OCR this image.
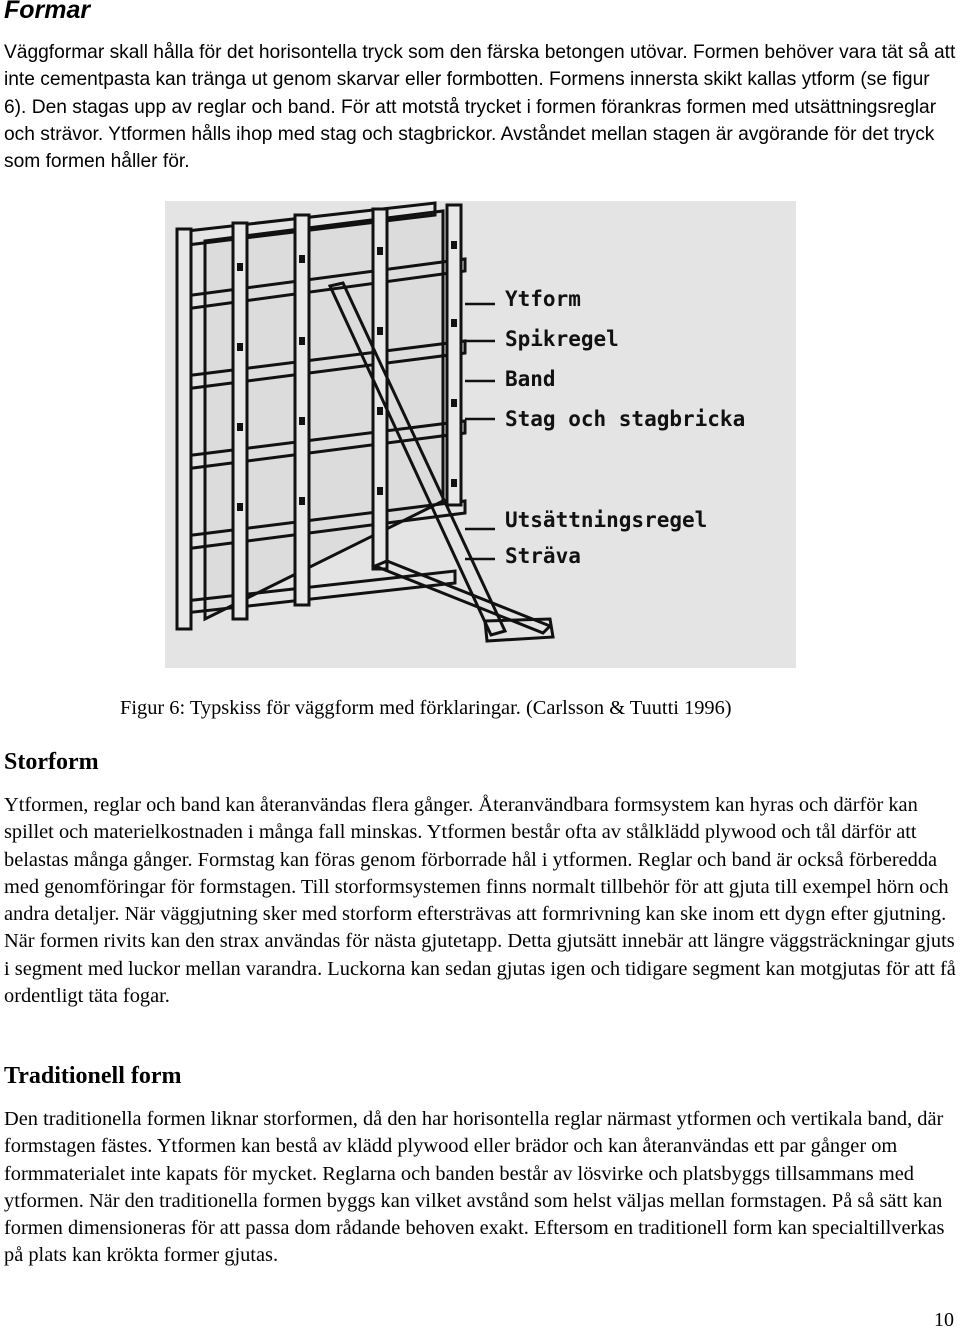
Formar

Väggformar skall hålla för det horisontella tryck som den färska betongen utövar. Formen behöver vara tät så att inte cementpasta kan tränga ut genom skarvar eller formbotten. Formens innersta skikt kallas ytform (se figur 6). Den stagas upp av reglar och band. För att motstå trycket i formen förankras formen med utsättningsreglar och strävor. Ytformen hålls ihop med stag och stagbrickor. Avståndet mellan stagen är avgörande för det tryck som formen håller för.

Ytform
Spikregel
Band
Stag och stagbricka
Utsättningsregel
Sträva

Figur 6: Typskiss för väggform med förklaringar. (Carlsson & Tuutti 1996)

Storform

Ytformen, reglar och band kan återanvändas flera gånger. Återanvändbara formsystem kan hyras och därför kan spillet och materielkostnaden i många fall minskas. Ytformen består ofta av stålklädd plywood och tål därför att belastas många gånger. Formstag kan föras genom förborrade hål i ytformen. Reglar och band är också förberedda med genomföringar för formstagen. Till storformsystemen finns normalt tillbehör för att gjuta till exempel hörn och andra detaljer. När väggjutning sker med storform eftersträvas att formrivning kan ske inom ett dygn efter gjutning. När formen rivits kan den strax användas för nästa gjutetapp. Detta gjutsätt innebär att längre väggsträckningar gjuts i segment med luckor mellan varandra. Luckorna kan sedan gjutas igen och tidigare segment kan motgjutas för att få ordentligt täta fogar.

Traditionell form

Den traditionella formen liknar storformen, då den har horisontella reglar närmast ytformen och vertikala band, där formstagen fästes. Ytformen kan bestå av klädd plywood eller brädor och kan återanvändas ett par gånger om formmaterialet inte kapats för mycket. Reglarna och banden består av lösvirke och platsbyggs tillsammans med ytformen. När den traditionella formen byggs kan vilket avstånd som helst väljas mellan formstagen. På så sätt kan formen dimensioneras för att passa dom rådande behoven exakt. Eftersom en traditionell form kan specialtillverkas på plats kan krökta former gjutas.

10
